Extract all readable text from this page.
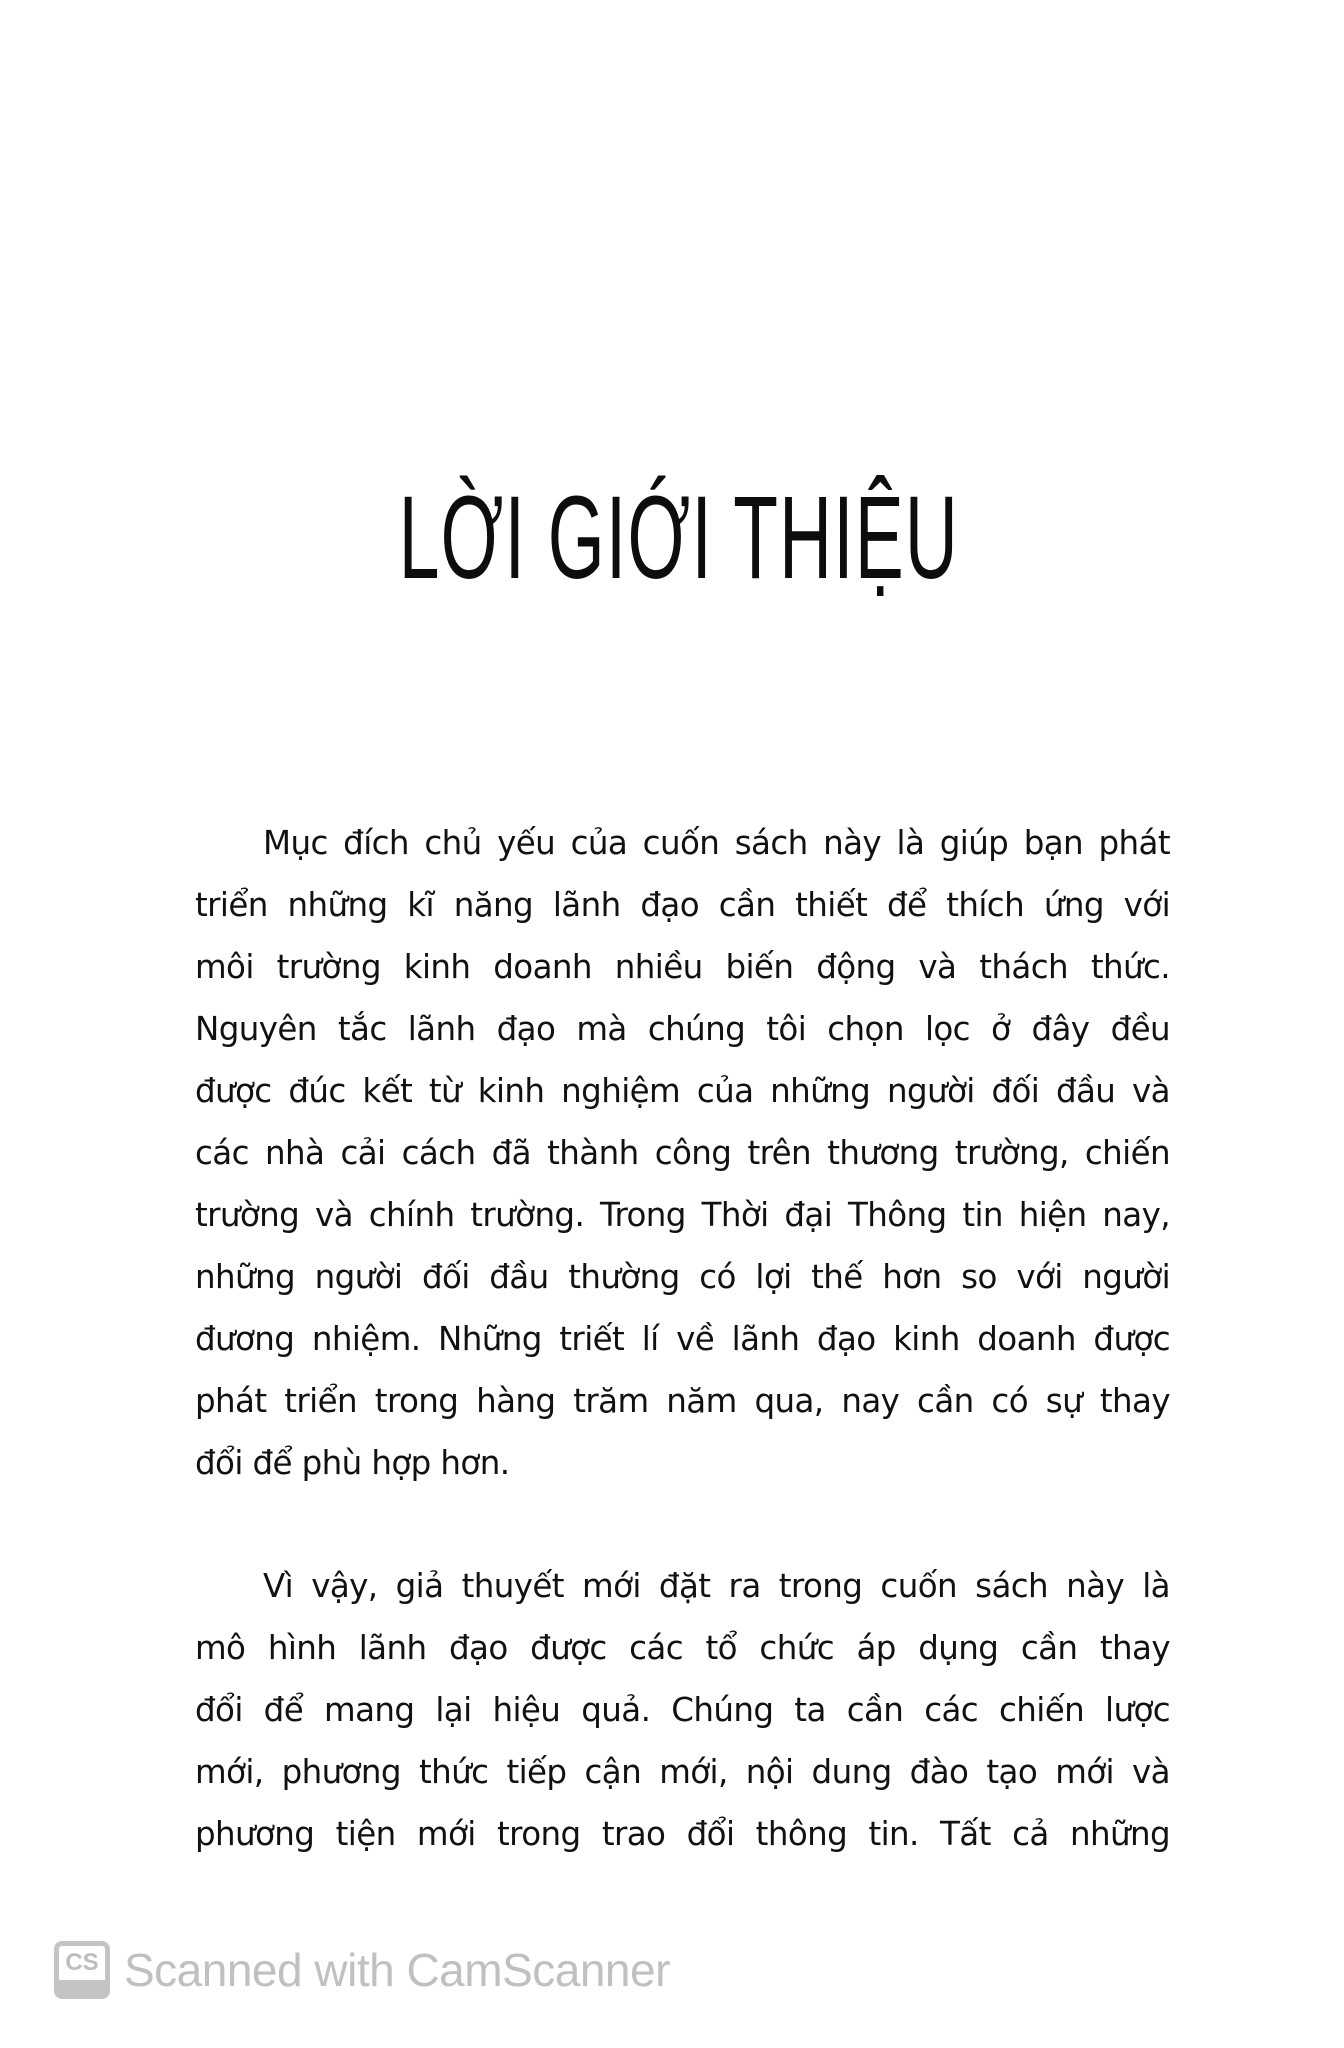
LỜI GIỚI THIỆU
Mục đích chủ yếu của cuốn sách này là giúp bạn phát
triển những kĩ năng lãnh đạo cần thiết để thích ứng với
môi trường kinh doanh nhiều biến động và thách thức.
Nguyên tắc lãnh đạo mà chúng tôi chọn lọc ở đây đều
được đúc kết từ kinh nghiệm của những người đối đầu và
các nhà cải cách đã thành công trên thương trường, chiến
trường và chính trường. Trong Thời đại Thông tin hiện nay,
những người đối đầu thường có lợi thế hơn so với người
đương nhiệm. Những triết lí về lãnh đạo kinh doanh được
phát triển trong hàng trăm năm qua, nay cần có sự thay
đổi để phù hợp hơn.
Vì vậy, giả thuyết mới đặt ra trong cuốn sách này là
mô hình lãnh đạo được các tổ chức áp dụng cần thay
đổi để mang lại hiệu quả. Chúng ta cần các chiến lược
mới, phương thức tiếp cận mới, nội dung đào tạo mới và
phương tiện mới trong trao đổi thông tin. Tất cả những
CS Scanned with CamScanner
